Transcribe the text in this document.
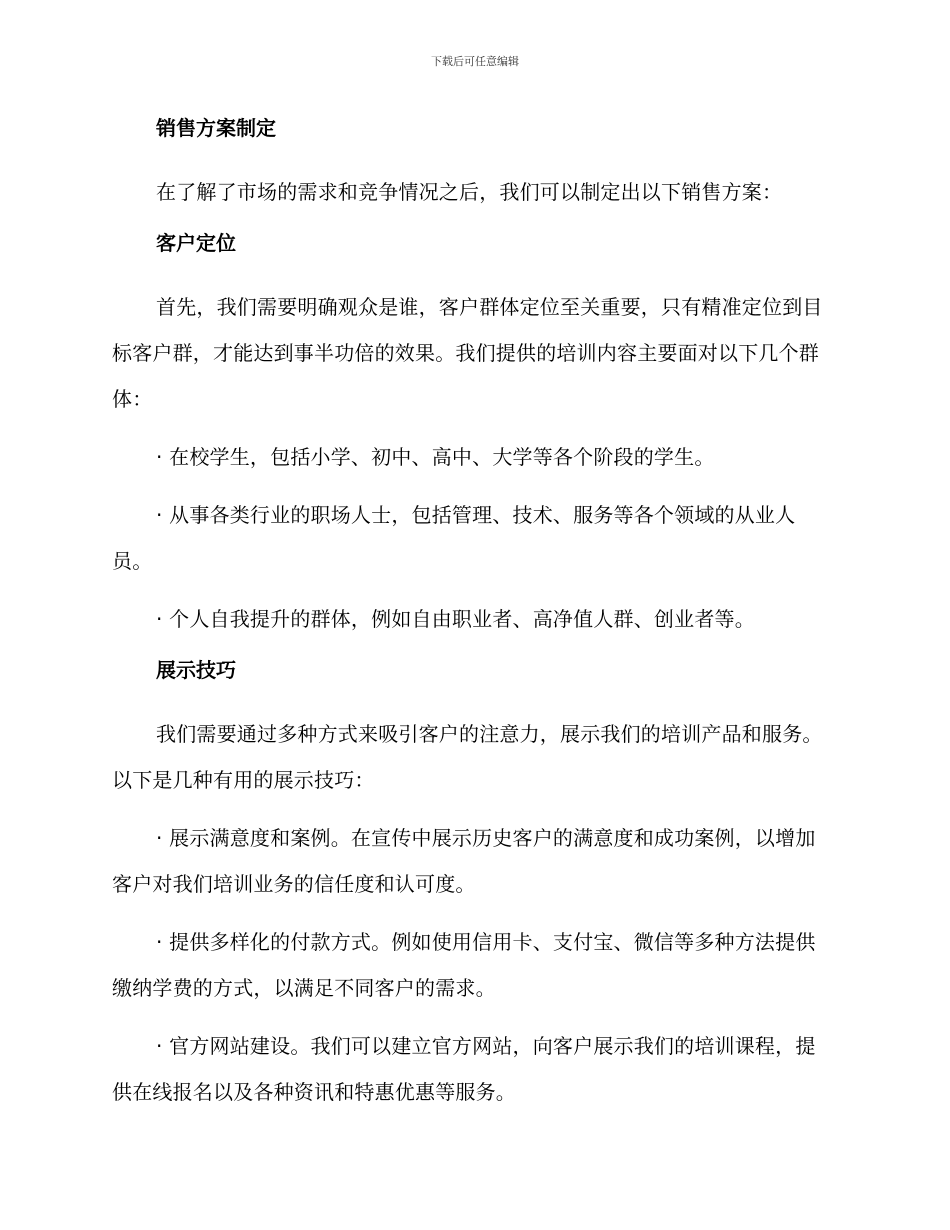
下载后可任意编辑
销售方案制定

在了解了市场的需求和竞争情况之后，我们可以制定出以下销售方案：

客户定位

首先，我们需要明确观众是谁，客户群体定位至关重要，只有精准定位到目标客户群，才能达到事半功倍的效果。我们提供的培训内容主要面对以下几个群体：

· 在校学生，包括小学、初中、高中、大学等各个阶段的学生。

· 从事各类行业的职场人士，包括管理、技术、服务等各个领域的从业人员。

· 个人自我提升的群体，例如自由职业者、高净值人群、创业者等。

展示技巧

我们需要通过多种方式来吸引客户的注意力，展示我们的培训产品和服务。以下是几种有用的展示技巧：

· 展示满意度和案例。在宣传中展示历史客户的满意度和成功案例，以增加客户对我们培训业务的信任度和认可度。

· 提供多样化的付款方式。例如使用信用卡、支付宝、微信等多种方法提供缴纳学费的方式，以满足不同客户的需求。

· 官方网站建设。我们可以建立官方网站，向客户展示我们的培训课程，提供在线报名以及各种资讯和特惠优惠等服务。
